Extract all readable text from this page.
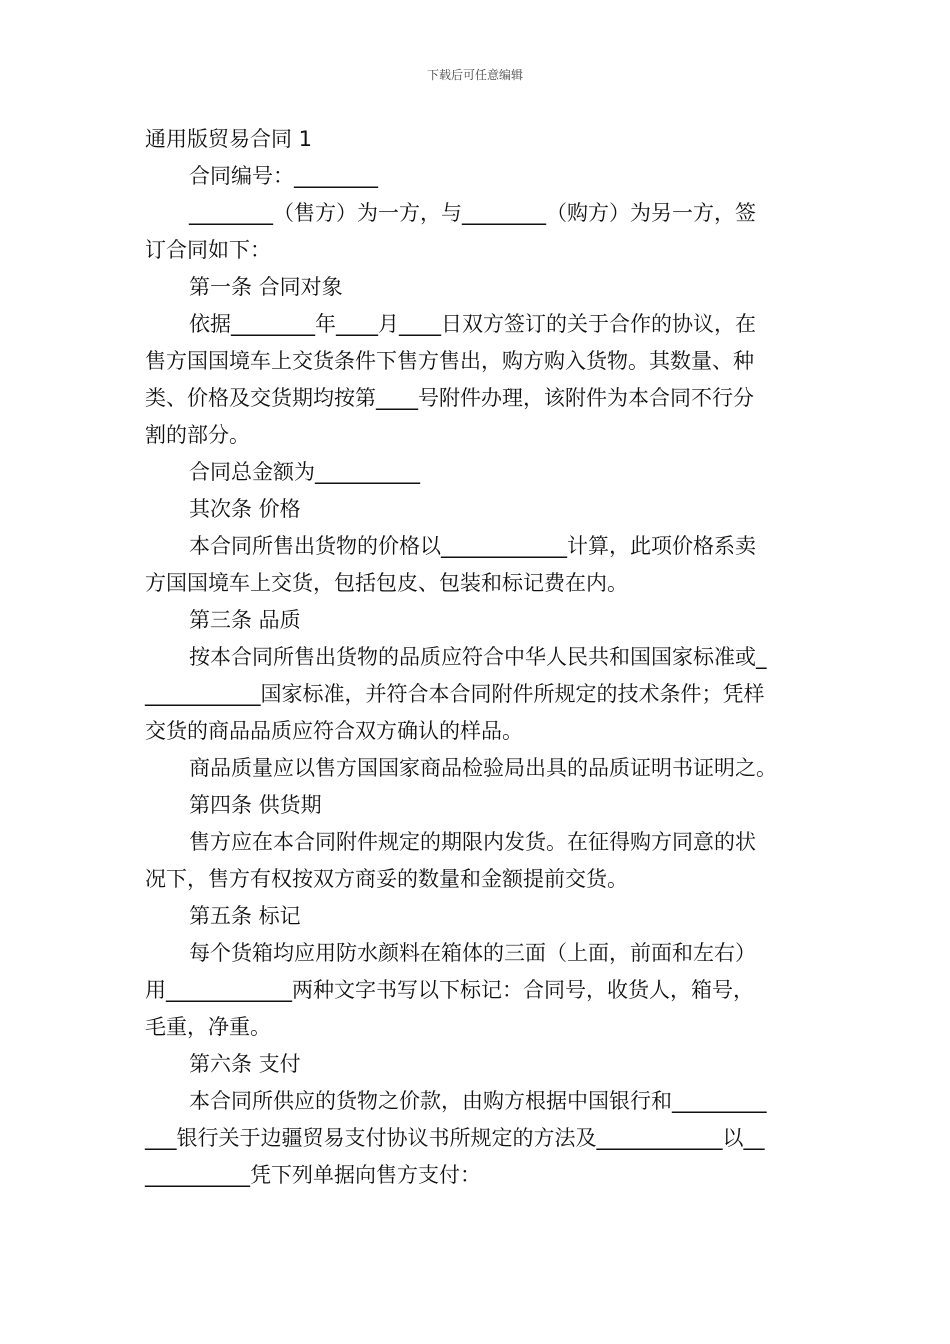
下载后可任意编辑

通用版贸易合同 1

合同编号：________

________（售方）为一方，与________（购方）为另一方，签

订合同如下：

第一条 合同对象

依据________年____月____日双方签订的关于合作的协议，在

售方国国境车上交货条件下售方售出，购方购入货物。其数量、种

类、价格及交货期均按第____号附件办理，该附件为本合同不行分

割的部分。

合同总金额为__________

其次条 价格

本合同所售出货物的价格以____________计算，此项价格系卖

方国国境车上交货，包括包皮、包装和标记费在内。

第三条 品质

按本合同所售出货物的品质应符合中华人民共和国国家标准或_

___________国家标准，并符合本合同附件所规定的技术条件；凭样

交货的商品品质应符合双方确认的样品。

商品质量应以售方国国家商品检验局出具的品质证明书证明之。

第四条 供货期

售方应在本合同附件规定的期限内发货。在征得购方同意的状

况下，售方有权按双方商妥的数量和金额提前交货。

第五条 标记

每个货箱均应用防水颜料在箱体的三面（上面，前面和左右）

用____________两种文字书写以下标记：合同号，收货人，箱号，

毛重，净重。

第六条 支付

本合同所供应的货物之价款，由购方根据中国银行和_________

___银行关于边疆贸易支付协议书所规定的方法及____________以__

__________凭下列单据向售方支付：
